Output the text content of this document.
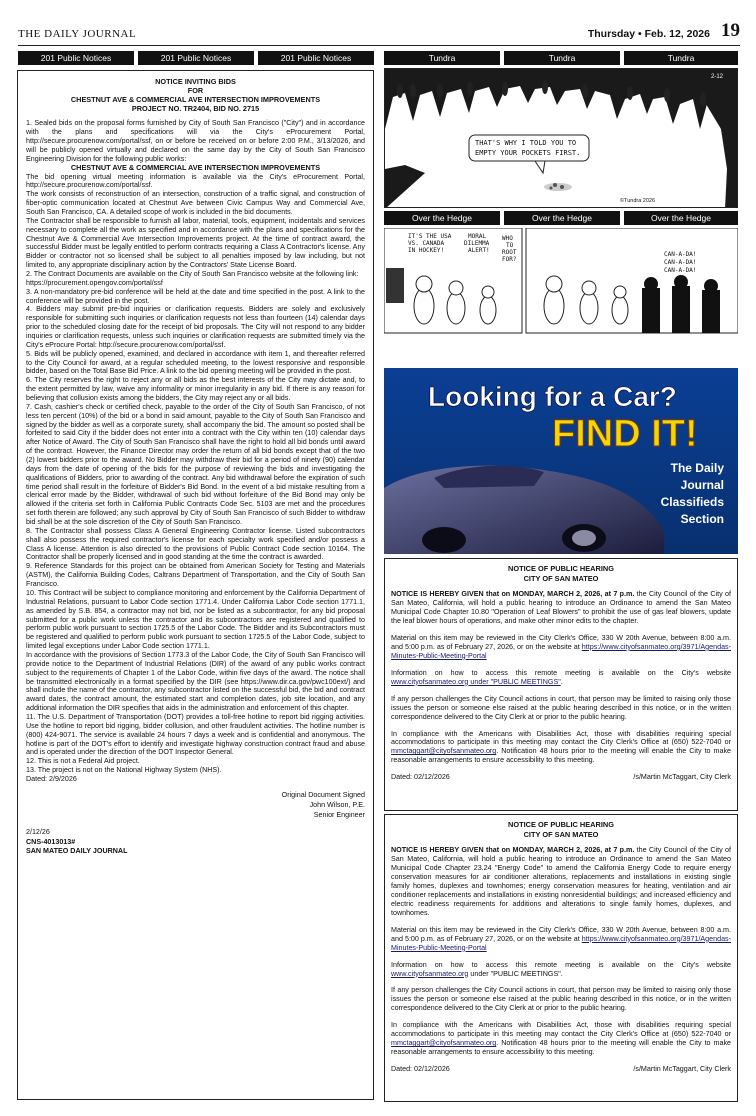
THE DAILY JOURNAL	Thursday • Feb. 12, 2026 19
201 Public Notices	201 Public Notices	201 Public Notices	Tundra	Tundra	Tundra
NOTICE INVITING BIDS
FOR
CHESTNUT AVE & COMMERCIAL AVE INTERSECTION IMPROVEMENTS
PROJECT NO. TR2404, BID NO. 2715

1. Sealed bids on the proposal forms furnished by City of South San Francisco ("City") and in accordance with the plans and specifications will via the City's eProcurement Portal, http://secure.procurenow.com/portal/ssf, on or before be received on or before 2:00 P.M., 3/13/2026, and will be publicly opened virtually and declared on the same day by the City of South San Francisco Engineering Division for the following public works:

CHESTNUT AVE & COMMERCIAL AVE INTERSECTION IMPROVEMENTS

The bid opening virtual meeting information is available via the City's eProcurement Portal, http://secure.procurenow.com/portal/ssf.

The work consists of reconstruction of an intersection, construction of a traffic signal, and construction of fiber-optic communication located at Chestnut Ave between Civic Campus Way and Commercial Ave, South San Francisco, CA. A detailed scope of work is included in the bid documents.

The Contractor shall be responsible to furnish all labor, material, tools, equipment, incidentals and services necessary to complete all the work as specified and in accordance with the plans and specifications for the Chestnut Ave & Commercial Ave Intersection Improvements project. At the time of contract award, the successful Bidder must be legally entitled to perform contracts requiring a Class A Contractor's license. Any Bidder or contractor not so licensed shall be subject to all penalties imposed by law including, but not limited to, any appropriate disciplinary action by the Contractors' State License Board.

2. The Contract Documents are available on the City of South San Francisco website at the following link:

https://procurement.opengov.com/portal/ssf

3. A non-mandatory pre-bid conference will be held at the date and time specified in the post. A link to the conference will be provided in the post.

4. Bidders may submit pre-bid inquiries or clarification requests. Bidders are solely and exclusively responsible for submitting such inquiries or clarification requests not less than fourteen (14) calendar days prior to the scheduled closing date for the receipt of bid proposals. The City will not respond to any bidder inquiries or clarification requests, unless such inquiries or clarification requests are submitted timely via the City's eProcure Portal: http://secure.procurenow.com/portal/ssf.

5. Bids will be publicly opened, examined, and declared in accordance with item 1, and thereafter referred to the City Council for award, at a regular scheduled meeting, to the lowest responsive and responsible bidder, based on the Total Base Bid Price. A link to the bid opening meeting will be provided in the post.

6. The City reserves the right to reject any or all bids as the best interests of the City may dictate and, to the extent permitted by law, waive any informality or minor irregularity in any bid. If there is any reason for believing that collusion exists among the bidders, the City may reject any or all bids.

7. Cash, cashier's check or certified check, payable to the order of the City of South San Francisco, of not less ten percent (10%) of the bid or a bond in said amount, payable to the City of South San Francisco and signed by the bidder as well as a corporate surety, shall accompany the bid. The amount so posted shall be forfeited to said City if the bidder does not enter into a contract with the City within ten (10) calendar days after Notice of Award. The City of South San Francisco shall have the right to hold all bid bonds until award of the contract. However, the Finance Director may order the return of all bid bonds except that of the two (2) lowest bidders prior to the award. No Bidder may withdraw their bid for a period of ninety (90) calendar days from the date of opening of the bids for the purpose of reviewing the bids and investigating the qualifications of Bidders, prior to awarding of the contract. Any bid withdrawal before the expiration of such time period shall result in the forfeiture of Bidder's Bid Bond. In the event of a bid mistake resulting from a clerical error made by the Bidder, withdrawal of such bid without forfeiture of the Bid Bond may only be allowed if the criteria set forth in California Public Contracts Code Sec. 5103 are met and the procedures set forth therein are followed; any such approval by City of South San Francisco of such Bidder to withdraw bid shall be at the sole discretion of the City of South San Francisco.

8. The Contractor shall possess Class A General Engineering Contractor license. Listed subcontractors shall also possess the required contractor's license for each specialty work specified and/or possess a Class A license. Attention is also directed to the provisions of Public Contract Code section 10164. The Contractor shall be properly licensed and in good standing at the time the contract is awarded.

9. Reference Standards for this project can be obtained from American Society for Testing and Materials (ASTM), the California Building Codes, Caltrans Department of Transportation, and the City of South San Francisco.

10. This Contract will be subject to compliance monitoring and enforcement by the California Department of Industrial Relations, pursuant to Labor Code section 1771.4. Under California Labor Code section 1771.1, as amended by S.B. 854, a contractor may not bid, nor be listed as a subcontractor, for any bid proposal submitted for a public work unless the contractor and its subcontractors are registered and qualified to perform public work pursuant to section 1725.5 of the Labor Code. The Bidder and its Subcontractors must be registered and qualified to perform public work pursuant to section 1725.5 of the Labor Code, subject to limited legal exceptions under Labor Code section 1771.1.

In accordance with the provisions of Section 1773.3 of the Labor Code, the City of South San Francisco will provide notice to the Department of Industrial Relations (DIR) of the award of any public works contract subject to the requirements of Chapter 1 of the Labor Code, within five days of the award. The notice shall be transmitted electronically in a format specified by the DIR (see https://www.dir.ca.gov/pwc100ext/) and shall include the name of the contractor, any subcontractor listed on the successful bid, the bid and contract award dates, the contract amount, the estimated start and completion dates, job site location, and any additional information the DIR specifies that aids in the administration and enforcement of this chapter.

11. The U.S. Department of Transportation (DOT) provides a toll-free hotline to report bid rigging activities. Use the hotline to report bid rigging, bidder collusion, and other fraudulent activities. The hotline number is (800) 424-9071. The service is available 24 hours 7 days a week and is confidential and anonymous. The hotline is part of the DOT's effort to identify and investigate highway construction contract fraud and abuse and is operated under the direction of the DOT Inspector General.

12. This is not a Federal Aid project.

13. The project is not on the National Highway System (NHS).

Dated: 2/9/2026

Original Document Signed
John Wilson, P.E.
Senior Engineer
2/12/26
CNS-4013013#
SAN MATEO DAILY JOURNAL
THAT'S WHY I TOLD YOU TO
EMPTY YOUR POCKETS FIRST.
2-12
©Tundra 2026
Over the Hedge	Over the Hedge	Over the Hedge
IT'S THE USA
VS. CANADA
IN HOCKEY!
MORAL
DILEMMA
ALERT!
WHO
TO
ROOT
FOR?
CAN-A-DA!
CAN-A-DA!
CAN-A-DA!
2-12
Looking for a Car?
FIND IT!
The Daily
Journal
Classifieds
Section
NOTICE OF PUBLIC HEARING
CITY OF SAN MATEO

NOTICE IS HEREBY GIVEN that on MONDAY, MARCH 2, 2026, at 7 p.m. the City Council of the City of San Mateo, California, will hold a public hearing to introduce an Ordinance to amend the San Mateo Municipal Code Chapter 10.80 "Operation of Leaf Blowers" to prohibit the use of gas leaf blowers, update the leaf blower hours of operations, and make other minor edits to the chapter.

Material on this item may be reviewed in the City Clerk's Office, 330 W 20th Avenue, between 8:00 a.m. and 5:00 p.m. as of February 27, 2026, or on the website at https://www.cityofsanmateo.org/3971/Agendas-Minutes-Public-Meeting-Portal

Information on how to access this remote meeting is available on the City's website www.cityofsanmateo.org under "PUBLIC MEETINGS".

If any person challenges the City Council actions in court, that person may be limited to raising only those issues the person or someone else raised at the public hearing described in this notice, or in the written correspondence delivered to the City Clerk at or prior to the public hearing.

In compliance with the Americans with Disabilities Act, those with disabilities requiring special accommodations to participate in this meeting may contact the City Clerk's Office at (650) 522-7040 or mmctaggart@cityofsanmateo.org. Notification 48 hours prior to the meeting will enable the City to make reasonable arrangements to ensure accessibility to this meeting.

Dated: 02/12/2026	/s/Martin McTaggart, City Clerk
NOTICE OF PUBLIC HEARING
CITY OF SAN MATEO

NOTICE IS HEREBY GIVEN that on MONDAY, MARCH 2, 2026, at 7 p.m. the City Council of the City of San Mateo, California, will hold a public hearing to introduce an Ordinance to amend the San Mateo Municipal Code Chapter 23.24 "Energy Code" to amend the California Energy Code to require energy conservation measures for air conditioner alterations, replacements and installations in existing single family homes, duplexes and townhomes; energy conservation measures for heating, ventilation and air conditioner replacements and installations in existing nonresidential buildings; and increased efficiency and electric readiness requirements for additions and alterations to single family homes, duplexes, and townhomes.

Material on this item may be reviewed in the City Clerk's Office, 330 W 20th Avenue, between 8:00 a.m. and 5:00 p.m. as of February 27, 2026, or on the website at https://www.cityofsanmateo.org/3971/Agendas-Minutes-Public-Meeting-Portal

Information on how to access this remote meeting is available on the City's website www.cityofsanmateo.org under "PUBLIC MEETINGS".

If any person challenges the City Council actions in court, that person may be limited to raising only those issues the person or someone else raised at the public hearing described in this notice, or in the written correspondence delivered to the City Clerk at or prior to the public hearing.

In compliance with the Americans with Disabilities Act, those with disabilities requiring special accommodations to participate in this meeting may contact the City Clerk's Office at (650) 522-7040 or mmctaggart@cityofsanmateo.org. Notification 48 hours prior to the meeting will enable the City to make reasonable arrangements to ensure accessibility to this meeting.

Dated: 02/12/2026	/s/Martin McTaggart, City Clerk
